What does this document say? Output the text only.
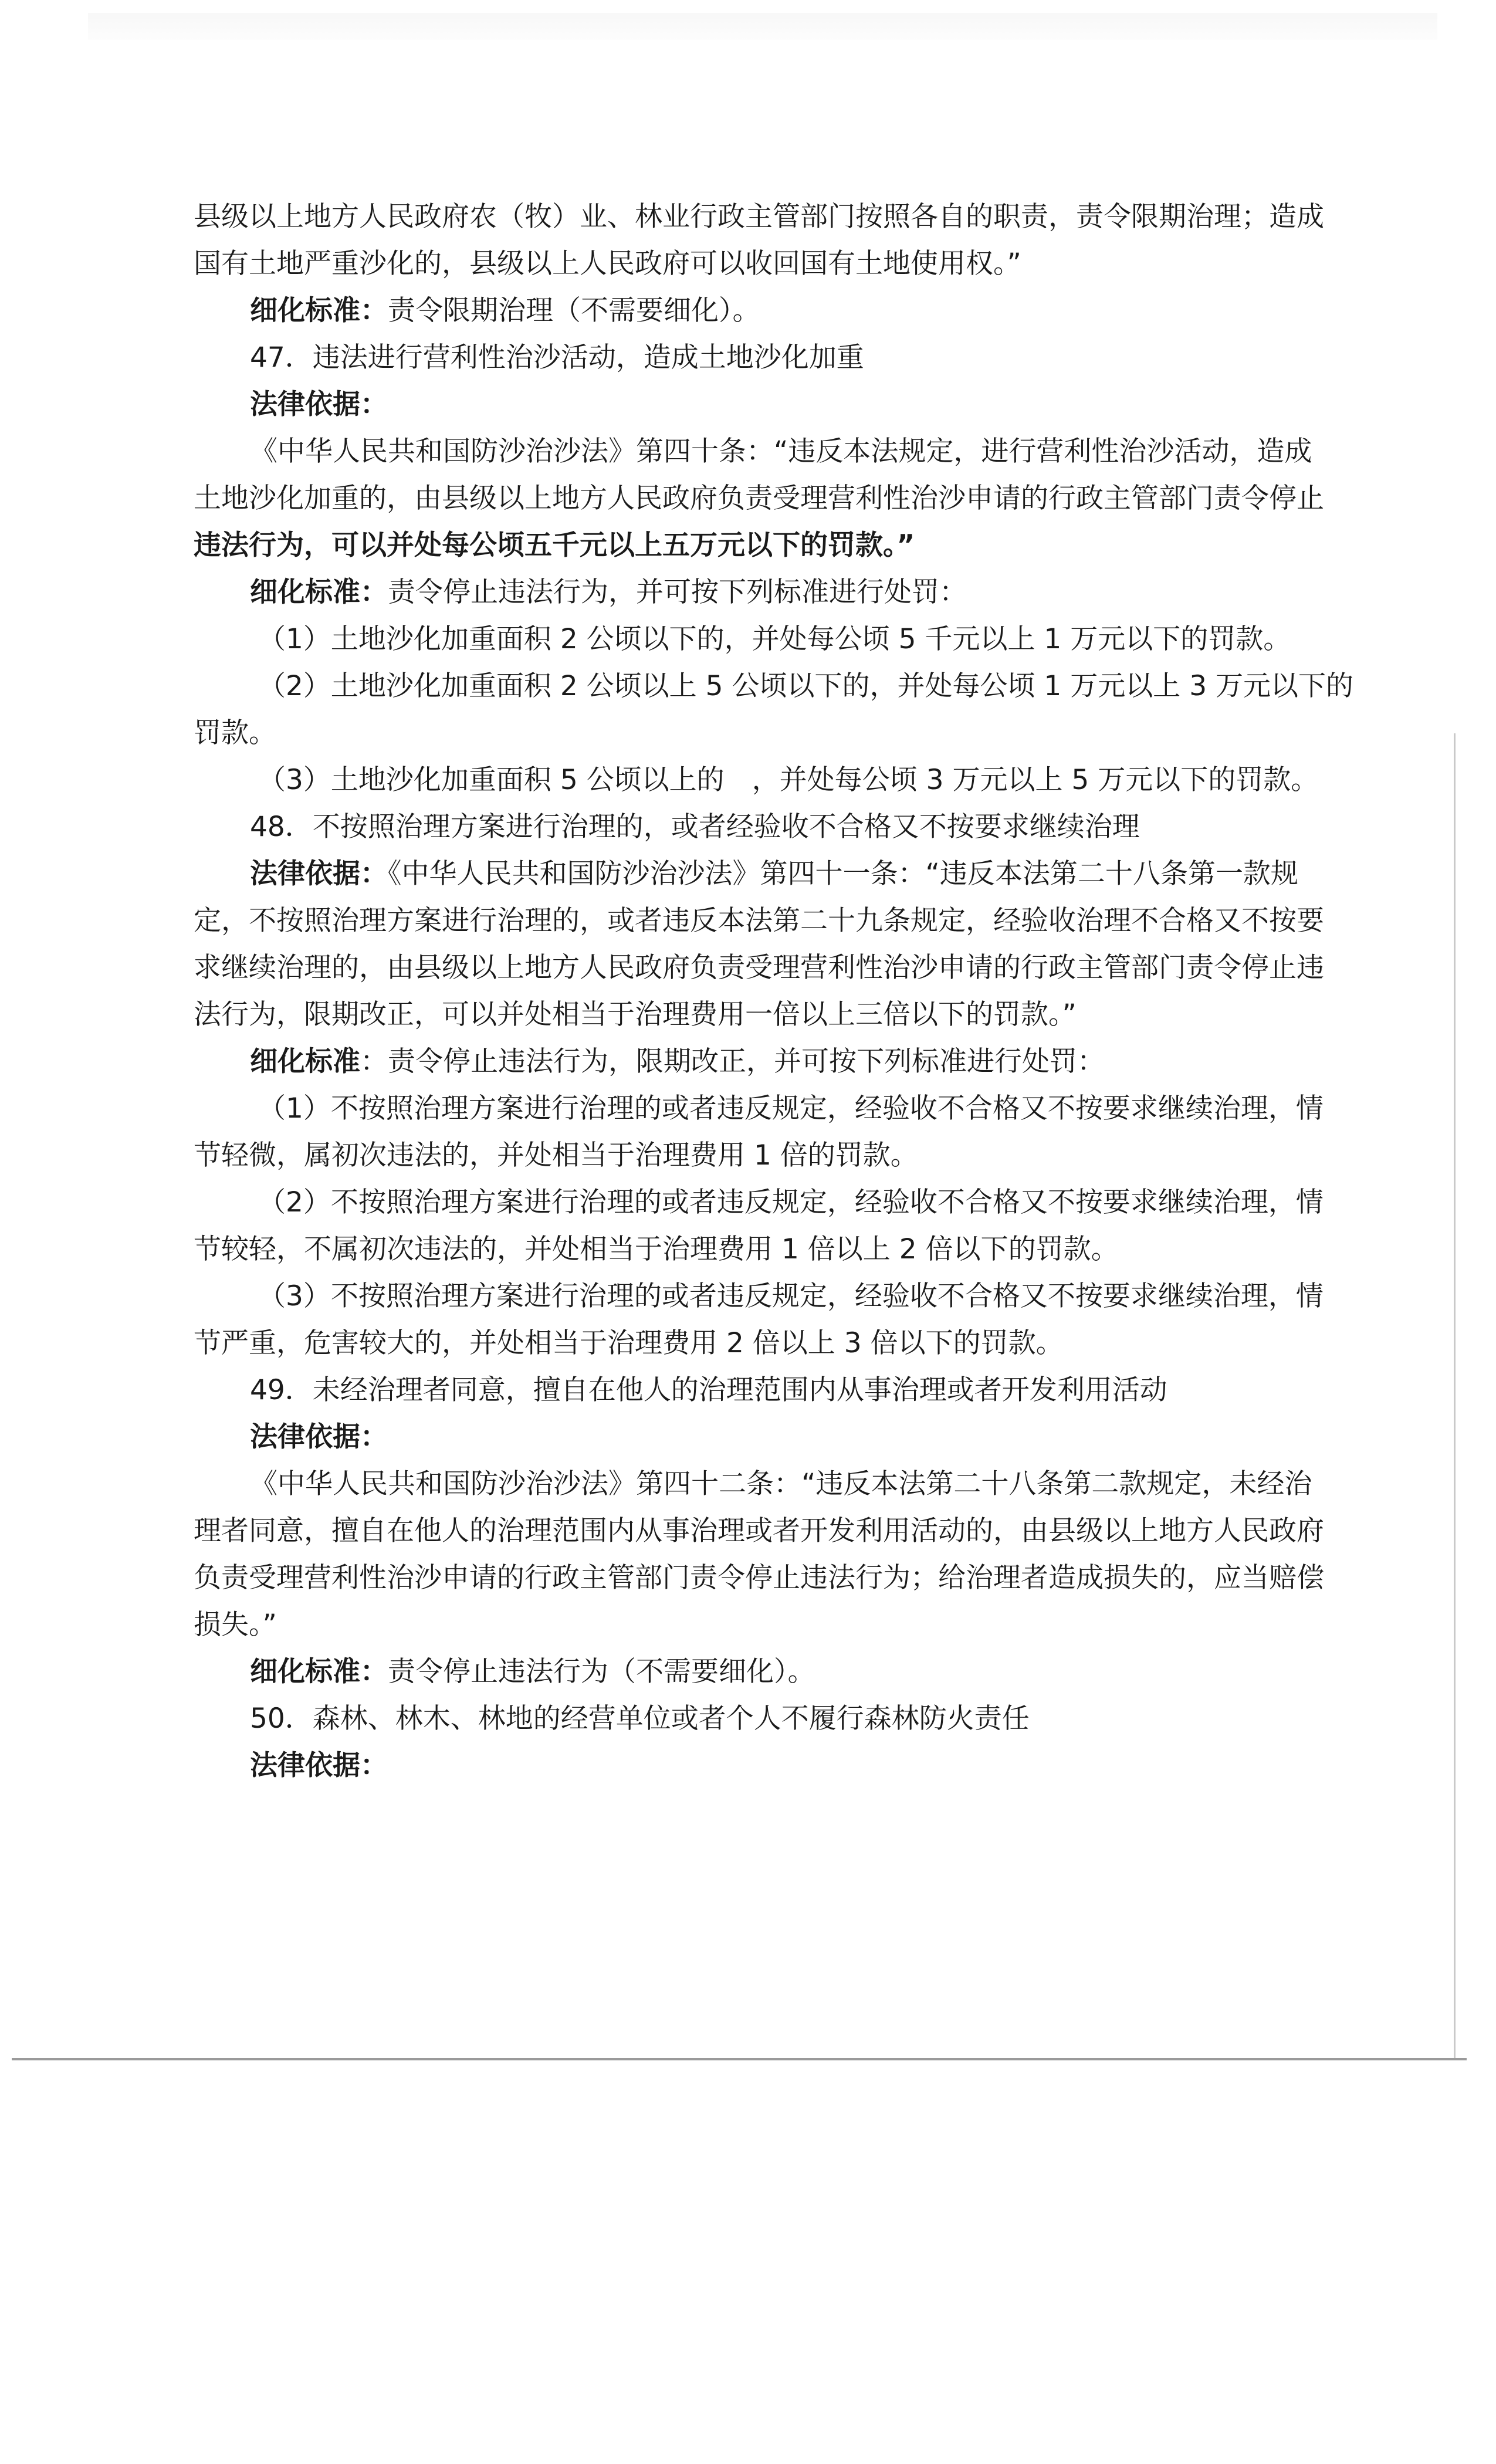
县级以上地方人民政府农（牧）业、林业行政主管部门按照各自的职责，责令限期治理；造成

国有土地严重沙化的，县级以上人民政府可以收回国有土地使用权。”

细化标准：责令限期治理（不需要细化）。

47．违法进行营利性治沙活动，造成土地沙化加重

法律依据：

《中华人民共和国防沙治沙法》第四十条：“违反本法规定，进行营利性治沙活动，造成

土地沙化加重的，由县级以上地方人民政府负责受理营利性治沙申请的行政主管部门责令停止

违法行为，可以并处每公顷五千元以上五万元以下的罚款。”

细化标准：责令停止违法行为，并可按下列标准进行处罚：

（1）土地沙化加重面积 2 公顷以下的，并处每公顷 5 千元以上 1 万元以下的罚款。

（2）土地沙化加重面积 2 公顷以上 5 公顷以下的，并处每公顷 1 万元以上 3 万元以下的

罚款。

（3）土地沙化加重面积 5 公顷以上的　，并处每公顷 3 万元以上 5 万元以下的罚款。

48．不按照治理方案进行治理的，或者经验收不合格又不按要求继续治理

法律依据：《中华人民共和国防沙治沙法》第四十一条：“违反本法第二十八条第一款规

定，不按照治理方案进行治理的，或者违反本法第二十九条规定，经验收治理不合格又不按要

求继续治理的，由县级以上地方人民政府负责受理营利性治沙申请的行政主管部门责令停止违

法行为，限期改正，可以并处相当于治理费用一倍以上三倍以下的罚款。”

细化标准：责令停止违法行为，限期改正，并可按下列标准进行处罚：

（1）不按照治理方案进行治理的或者违反规定，经验收不合格又不按要求继续治理，情

节轻微，属初次违法的，并处相当于治理费用 1 倍的罚款。

（2）不按照治理方案进行治理的或者违反规定，经验收不合格又不按要求继续治理，情

节较轻，不属初次违法的，并处相当于治理费用 1 倍以上 2 倍以下的罚款。

（3）不按照治理方案进行治理的或者违反规定，经验收不合格又不按要求继续治理，情

节严重，危害较大的，并处相当于治理费用 2 倍以上 3 倍以下的罚款。

49．未经治理者同意，擅自在他人的治理范围内从事治理或者开发利用活动

法律依据：

《中华人民共和国防沙治沙法》第四十二条：“违反本法第二十八条第二款规定，未经治

理者同意，擅自在他人的治理范围内从事治理或者开发利用活动的，由县级以上地方人民政府

负责受理营利性治沙申请的行政主管部门责令停止违法行为；给治理者造成损失的，应当赔偿

损失。”

细化标准：责令停止违法行为（不需要细化）。

50．森林、林木、林地的经营单位或者个人不履行森林防火责任

法律依据：
